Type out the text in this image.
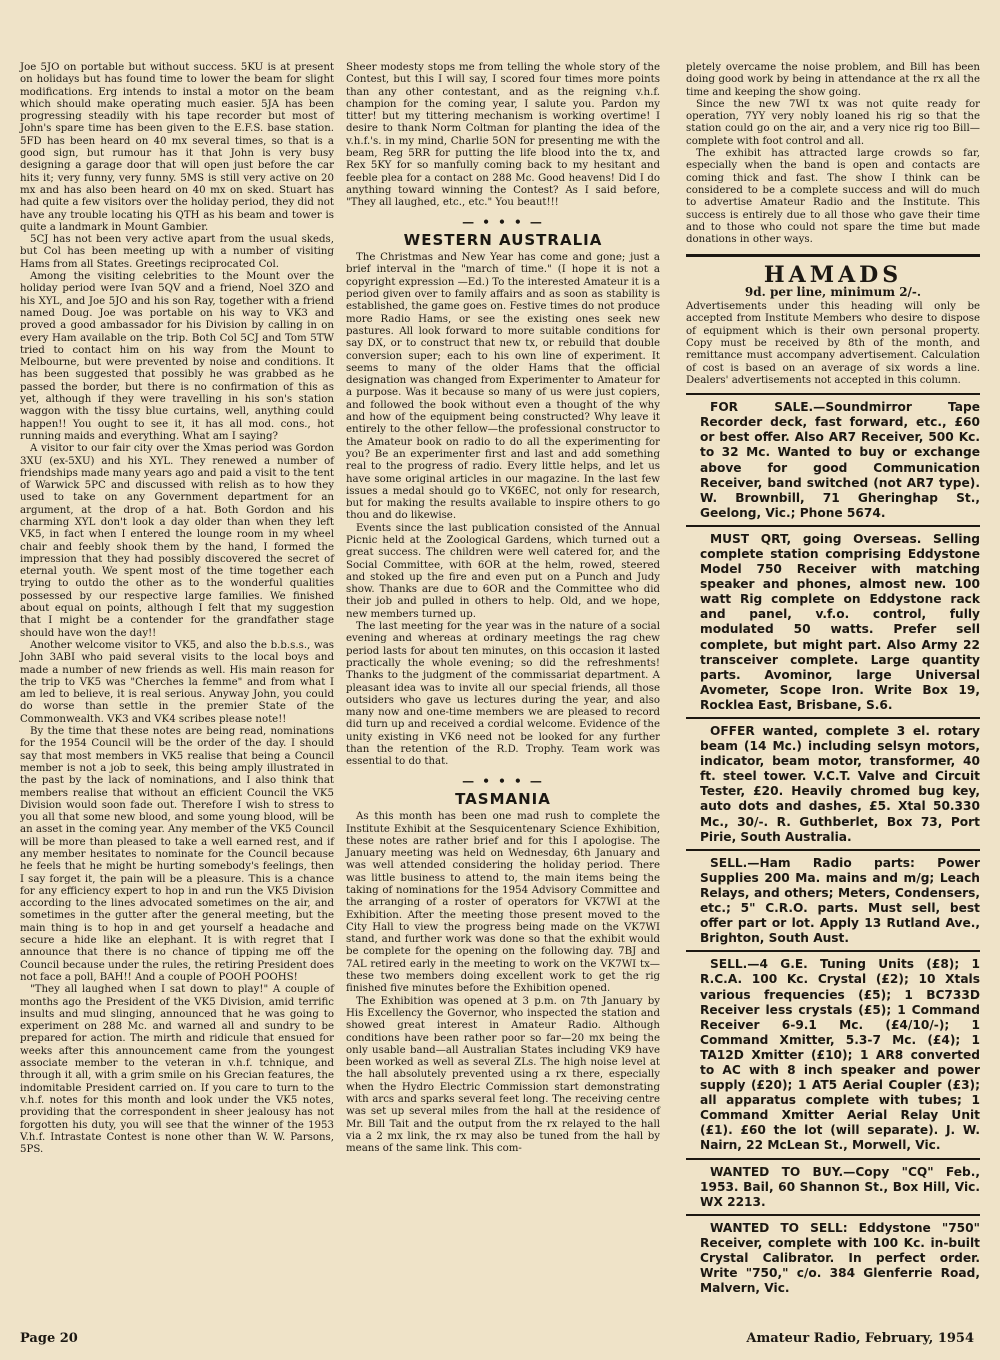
Joe 5JO on portable but without success. 5KU is at present on holidays but has found time to lower the beam for slight modifications. Erg intends to instal a motor on the beam which should make operating much easier. 5JA has been progressing steadily with his tape recorder but most of John's spare time has been given to the E.F.S. base station. 5FD has been heard on 40 mx several times, so that is a good sign, but rumour has it that John is very busy designing a garage door that will open just before the car hits it; very funny, very funny. 5MS is still very active on 20 mx and has also been heard on 40 mx on sked. Stuart has had quite a few visitors over the holiday period, they did not have any trouble locating his QTH as his beam and tower is quite a landmark in Mount Gambier.

5CJ has not been very active apart from the usual skeds, but Col has been meeting up with a number of visiting Hams from all States. Greetings reciprocated Col.

Among the visiting celebrities to the Mount over the holiday period were Ivan 5QV and a friend, Noel 3ZO and his XYL, and Joe 5JO and his son Ray, together with a friend named Doug. Joe was portable on his way to VK3 and proved a good ambassador for his Division by calling in on every Ham available on the trip. Both Col 5CJ and Tom 5TW tried to contact him on his way from the Mount to Melbourne, but were prevented by noise and conditions. It has been suggested that possibly he was grabbed as he passed the border, but there is no confirmation of this as yet, although if they were travelling in his son's station waggon with the tissy blue curtains, well, anything could happen!! You ought to see it, it has all mod. cons., hot running maids and everything. What am I saying?

A visitor to our fair city over the Xmas period was Gordon 3XU (ex-5XU) and his XYL. They renewed a number of friendships made many years ago and paid a visit to the tent of Warwick 5PC and discussed with relish as to how they used to take on any Government department for an argument, at the drop of a hat. Both Gordon and his charming XYL don't look a day older than when they left VK5, in fact when I entered the lounge room in my wheel chair and feebly shook them by the hand, I formed the impression that they had possibly discovered the secret of eternal youth. We spent most of the time together each trying to outdo the other as to the wonderful qualities possessed by our respective large families. We finished about equal on points, although I felt that my suggestion that I might be a contender for the grandfather stage should have won the day!!

Another welcome visitor to VK5, and also the b.b.s.s., was John 3ABI who paid several visits to the local boys and made a number of new friends as well. His main reason for the trip to VK5 was "Cherches la femme" and from what I am led to believe, it is real serious. Anyway John, you could do worse than settle in the premier State of the Commonwealth. VK3 and VK4 scribes please note!!

By the time that these notes are being read, nominations for the 1954 Council will be the order of the day. I should say that most members in VK5 realise that being a Council member is not a job to seek, this being amply illustrated in the past by the lack of nominations, and I also think that members realise that without an efficient Council the VK5 Division would soon fade out. Therefore I wish to stress to you all that some new blood, and some young blood, will be an asset in the coming year. Any member of the VK5 Council will be more than pleased to take a well earned rest, and if any member hesitates to nominate for the Council because he feels that he might be hurting somebody's feelings, then I say forget it, the pain will be a pleasure. This is a chance for any efficiency expert to hop in and run the VK5 Division according to the lines advocated sometimes on the air, and sometimes in the gutter after the general meeting, but the main thing is to hop in and get yourself a headache and secure a hide like an elephant. It is with regret that I announce that there is no chance of tipping me off the Council because under the rules, the retiring President does not face a poll, BAH!! And a couple of POOH POOHS!

"They all laughed when I sat down to play!" A couple of months ago the President of the VK5 Division, amid terrific insults and mud slinging, announced that he was going to experiment on 288 Mc. and warned all and sundry to be prepared for action. The mirth and ridicule that ensued for weeks after this announcement came from the youngest associate member to the veteran in v.h.f. tchnique, and through it all, with a grim smile on his Grecian features, the indomitable President carried on. If you care to turn to the v.h.f. notes for this month and look under the VK5 notes, providing that the correspondent in sheer jealousy has not forgotten his duty, you will see that the winner of the 1953 V.h.f. Intrastate Contest is none other than W. W. Parsons, 5PS.

Sheer modesty stops me from telling the whole story of the Contest, but this I will say, I scored four times more points than any other contestant, and as the reigning v.h.f. champion for the coming year, I salute you. Pardon my titter! but my tittering mechanism is working overtime! I desire to thank Norm Coltman for planting the idea of the v.h.f.'s. in my mind, Charlie 5ON for presenting me with the beam, Reg 5RR for putting the life blood into the tx, and Rex 5KY for so manfully coming back to my hesitant and feeble plea for a contact on 288 Mc. Good heavens! Did I do anything toward winning the Contest? As I said before, "They all laughed, etc., etc." You beaut!!!

— • • • —
WESTERN AUSTRALIA

The Christmas and New Year has come and gone; just a brief interval in the "march of time." (I hope it is not a copyright expression —Ed.) To the interested Amateur it is a period given over to family affairs and as soon as stability is established, the game goes on. Festive times do not produce more Radio Hams, or see the existing ones seek new pastures. All look forward to more suitable conditions for say DX, or to construct that new tx, or rebuild that double conversion super; each to his own line of experiment. It seems to many of the older Hams that the official designation was changed from Experimenter to Amateur for a purpose. Was it because so many of us were just copiers, and followed the book without even a thought of the why and how of the equipment being constructed? Why leave it entirely to the other fellow—the professional constructor to the Amateur book on radio to do all the experimenting for you? Be an experimenter first and last and add something real to the progress of radio. Every little helps, and let us have some original articles in our magazine. In the last few issues a medal should go to VK6EC, not only for research, but for making the results available to inspire others to go thou and do likewise.

Events since the last publication consisted of the Annual Picnic held at the Zoological Gardens, which turned out a great success. The children were well catered for, and the Social Committee, with 6OR at the helm, rowed, steered and stoked up the fire and even put on a Punch and Judy show. Thanks are due to 6OR and the Committee who did their job and pulled in others to help. Old, and we hope, new members turned up.

The last meeting for the year was in the nature of a social evening and whereas at ordinary meetings the rag chew period lasts for about ten minutes, on this occasion it lasted practically the whole evening; so did the refreshments! Thanks to the judgment of the commissariat department. A pleasant idea was to invite all our special friends, all those outsiders who gave us lectures during the year, and also many now and one-time members we are pleased to record did turn up and received a cordial welcome. Evidence of the unity existing in VK6 need not be looked for any further than the retention of the R.D. Trophy. Team work was essential to do that.

— • • • —
TASMANIA

As this month has been one mad rush to complete the Institute Exhibit at the Sesquicentenary Science Exhibition, these notes are rather brief and for this I apologise. The January meeting was held on Wednesday, 6th January and was well attended considering the holiday period. There was little business to attend to, the main items being the taking of nominations for the 1954 Advisory Committee and the arranging of a roster of operators for VK7WI at the Exhibition. After the meeting those present moved to the City Hall to view the progress being made on the VK7WI stand, and further work was done so that the exhibit would be complete for the opening on the following day. 7BJ and 7AL retired early in the meeting to work on the VK7WI tx—these two members doing excellent work to get the rig finished five minutes before the Exhibition opened.

The Exhibition was opened at 3 p.m. on 7th January by His Excellency the Governor, who inspected the station and showed great interest in Amateur Radio. Although conditions have been rather poor so far—20 mx being the only usable band—all Australian States including VK9 have been worked as well as several ZLs. The high noise level at the hall absolutely prevented using a rx there, especially when the Hydro Electric Commission start demonstrating with arcs and sparks several feet long. The receiving centre was set up several miles from the hall at the residence of Mr. Bill Tait and the output from the rx relayed to the hall via a 2 mx link, the rx may also be tuned from the hall by means of the same link. This com-

pletely overcame the noise problem, and Bill has been doing good work by being in attendance at the rx all the time and keeping the show going.

Since the new 7WI tx was not quite ready for operation, 7YY very nobly loaned his rig so that the station could go on the air, and a very nice rig too Bill—complete with foot control and all.

The exhibit has attracted large crowds so far, especially when the band is open and contacts are coming thick and fast. The show I think can be considered to be a complete success and will do much to advertise Amateur Radio and the Institute. This success is entirely due to all those who gave their time and to those who could not spare the time but made donations in other ways.

HAMADS
9d. per line, minimum 2/-.

Advertisements under this heading will only be accepted from Institute Members who desire to dispose of equipment which is their own personal property. Copy must be received by 8th of the month, and remittance must accompany advertisement. Calculation of cost is based on an average of six words a line. Dealers' advertisements not accepted in this column.

FOR SALE.—Soundmirror Tape Recorder deck, fast forward, etc., £60 or best offer. Also AR7 Receiver, 500 Kc. to 32 Mc. Wanted to buy or exchange above for good Communication Receiver, band switched (not AR7 type). W. Brownbill, 71 Gheringhap St., Geelong, Vic.; Phone 5674.

MUST QRT, going Overseas. Selling complete station comprising Eddystone Model 750 Receiver with matching speaker and phones, almost new. 100 watt Rig complete on Eddystone rack and panel, v.f.o. control, fully modulated 50 watts. Prefer sell complete, but might part. Also Army 22 transceiver complete. Large quantity parts. Avominor, large Universal Avometer, Scope Iron. Write Box 19, Rocklea East, Brisbane, S.6.

OFFER wanted, complete 3 el. rotary beam (14 Mc.) including selsyn motors, indicator, beam motor, transformer, 40 ft. steel tower. V.C.T. Valve and Circuit Tester, £20. Heavily chromed bug key, auto dots and dashes, £5. Xtal 50.330 Mc., 30/-. R. Guthberlet, Box 73, Port Pirie, South Australia.

SELL.—Ham Radio parts: Power Supplies 200 Ma. mains and m/g; Leach Relays, and others; Meters, Condensers, etc.; 5" C.R.O. parts. Must sell, best offer part or lot. Apply 13 Rutland Ave., Brighton, South Aust.

SELL.—4 G.E. Tuning Units (£8); 1 R.C.A. 100 Kc. Crystal (£2); 10 Xtals various frequencies (£5); 1 BC733D Receiver less crystals (£5); 1 Command Receiver 6-9.1 Mc. (£4/10/-); 1 Command Xmitter, 5.3-7 Mc. (£4); 1 TA12D Xmitter (£10); 1 AR8 converted to AC with 8 inch speaker and power supply (£20); 1 AT5 Aerial Coupler (£3); all apparatus complete with tubes; 1 Command Xmitter Aerial Relay Unit (£1). £60 the lot (will separate). J. W. Nairn, 22 McLean St., Morwell, Vic.

WANTED TO BUY.—Copy "CQ" Feb., 1953. Bail, 60 Shannon St., Box Hill, Vic. WX 2213.

WANTED TO SELL: Eddystone "750" Receiver, complete with 100 Kc. in-built Crystal Calibrator. In perfect order. Write "750," c/o. 384 Glenferrie Road, Malvern, Vic.

Page 20	Amateur Radio, February, 1954
